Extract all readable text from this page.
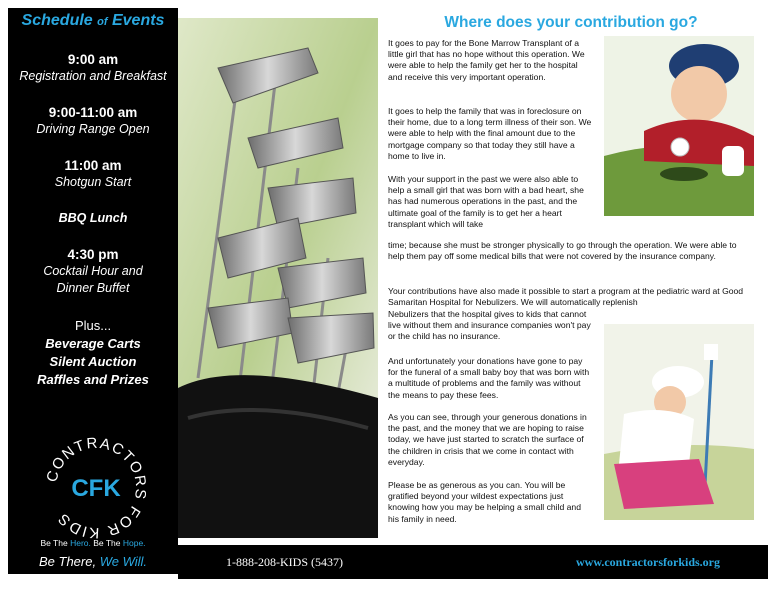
Schedule of Events
9:00 am
Registration and Breakfast
9:00-11:00 am
Driving Range Open
11:00 am
Shotgun Start
BBQ Lunch
4:30 pm
Cocktail Hour and
Dinner Buffet
Plus...
Beverage Carts
Silent Auction
Raffles and Prizes
CONTRACTORS FOR KIDS
CFK
Be The Hero. Be The Hope.
Be There, We Will.
Where does your contribution go?

It goes to pay for the Bone Marrow Transplant of a little girl that has no hope without this operation. We were able to help the family get her to the hospital and receive this very important operation.

It goes to help the family that was in foreclosure on their home, due to a long term illness of their son. We were able to help with the final amount due to the mortgage company so that today they still have a home to live in.

With your support in the past we were also able to help a small girl that was born with a bad heart, she has had numerous operations in the past, and the ultimate goal of the family is to get her a heart transplant which will take

time; because she must be stronger physically to go through the operation. We were able to help them pay off some medical bills that were not covered by the insurance company.

Your contributions have also made it possible to start a program at the pediatric ward at Good Samaritan Hospital for Nebulizers. We will automatically replenish

Nebulizers that the hospital gives to kids that cannot live without them and insurance companies won't pay or the child has no insurance.

And unfortunately your donations have gone to pay for the funeral of a small baby boy that was born with a multitude of problems and the family was without the means to pay these fees.

As you can see, through your generous donations in the past, and the money that we are hoping to raise today, we have just started to scratch the surface of the children in crisis that we come in contact with everyday.

Please be as generous as you can. You will be gratified beyond your wildest expectations just knowing how you may be helping a small child and his family in need.

1-888-208-KIDS (5437)	www.contractorsforkids.org
